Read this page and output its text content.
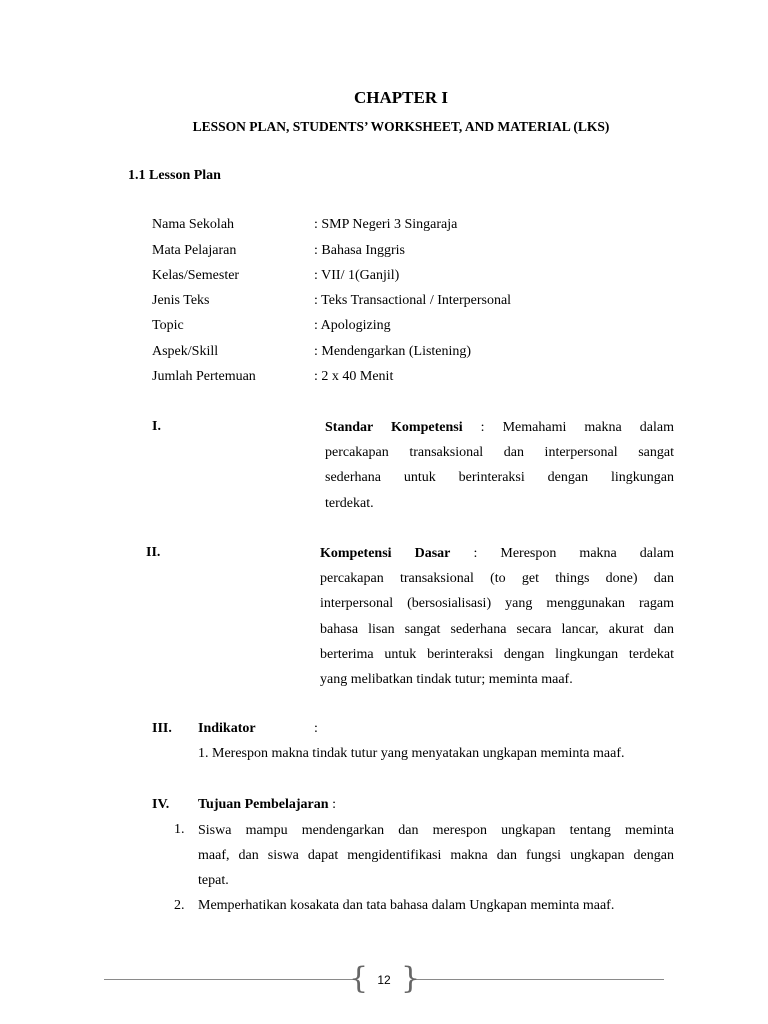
CHAPTER I
LESSON PLAN, STUDENTS’ WORKSHEET, AND MATERIAL (LKS)
1.1 Lesson Plan
Nama Sekolah	: SMP Negeri 3 Singaraja
Mata Pelajaran	: Bahasa Inggris
Kelas/Semester	: VII/ 1(Ganjil)
Jenis Teks	: Teks Transactional / Interpersonal
Topic	: Apologizing
Aspek/Skill	: Mendengarkan (Listening)
Jumlah Pertemuan	: 2 x 40 Menit
I.	Standar Kompetensi : Memahami makna dalam
percakapan transaksional dan interpersonal sangat
sederhana untuk berinteraksi dengan lingkungan
terdekat.
II.	Kompetensi Dasar : Merespon makna dalam
percakapan transaksional (to get things done) dan
interpersonal (bersosialisasi) yang menggunakan ragam
bahasa lisan sangat sederhana secara lancar, akurat dan
berterima untuk berinteraksi dengan lingkungan terdekat
yang melibatkan tindak tutur; meminta maaf.
III. Indikator	:
1. Merespon makna tindak tutur yang menyatakan ungkapan meminta maaf.
IV. Tujuan Pembelajaran :
1. Siswa mampu mendengarkan dan merespon ungkapan tentang meminta
maaf, dan siswa dapat mengidentifikasi makna dan fungsi ungkapan dengan
tepat.
2. Memperhatikan kosakata dan tata bahasa dalam Ungkapan meminta maaf.
{ }
12
